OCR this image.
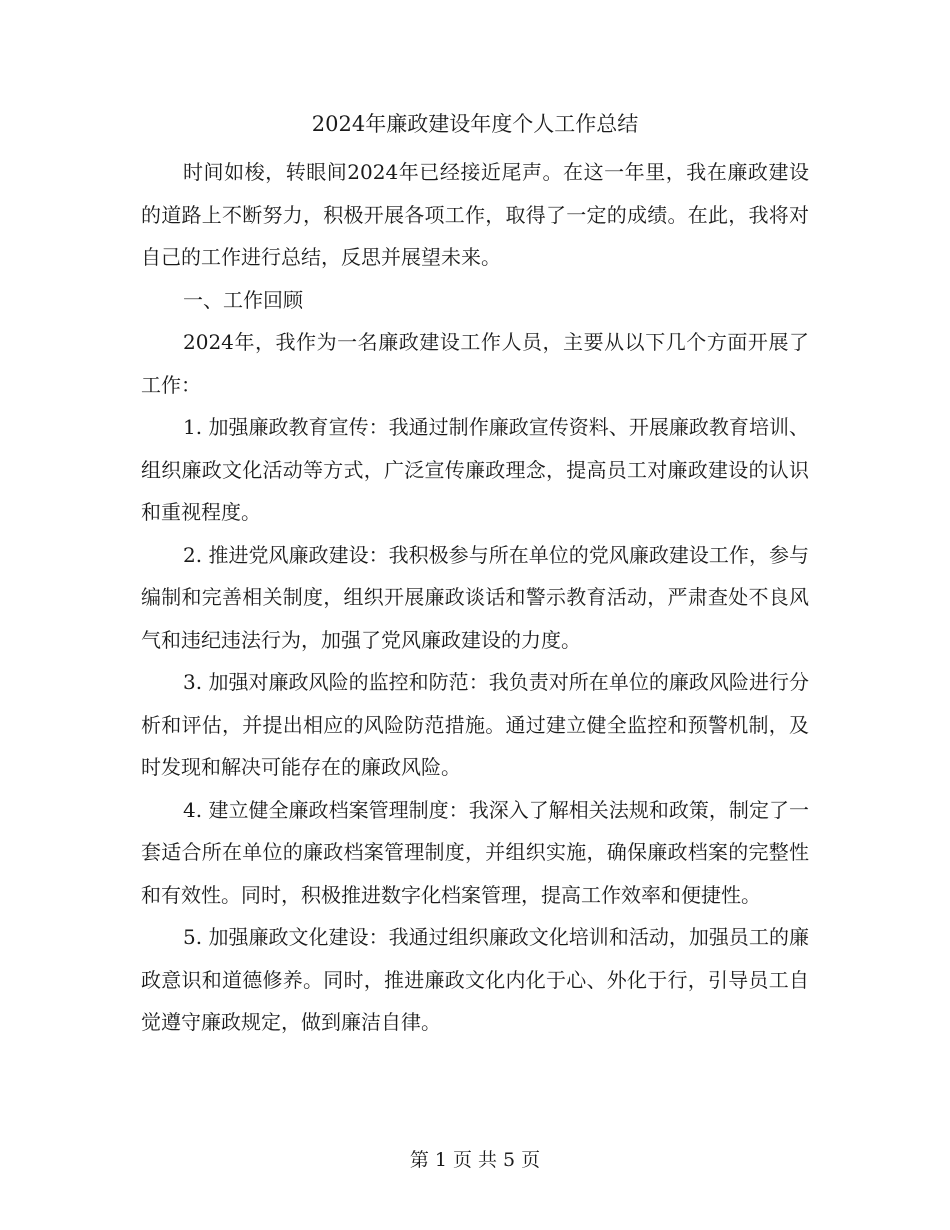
2024年廉政建设年度个人工作总结

时间如梭，转眼间2024年已经接近尾声。在这一年里，我在廉政建设的道路上不断努力，积极开展各项工作，取得了一定的成绩。在此，我将对自己的工作进行总结，反思并展望未来。

一、工作回顾

2024年，我作为一名廉政建设工作人员，主要从以下几个方面开展了工作：

1. 加强廉政教育宣传：我通过制作廉政宣传资料、开展廉政教育培训、组织廉政文化活动等方式，广泛宣传廉政理念，提高员工对廉政建设的认识和重视程度。

2. 推进党风廉政建设：我积极参与所在单位的党风廉政建设工作，参与编制和完善相关制度，组织开展廉政谈话和警示教育活动，严肃查处不良风气和违纪违法行为，加强了党风廉政建设的力度。

3. 加强对廉政风险的监控和防范：我负责对所在单位的廉政风险进行分析和评估，并提出相应的风险防范措施。通过建立健全监控和预警机制，及时发现和解决可能存在的廉政风险。

4. 建立健全廉政档案管理制度：我深入了解相关法规和政策，制定了一套适合所在单位的廉政档案管理制度，并组织实施，确保廉政档案的完整性和有效性。同时，积极推进数字化档案管理，提高工作效率和便捷性。

5. 加强廉政文化建设：我通过组织廉政文化培训和活动，加强员工的廉政意识和道德修养。同时，推进廉政文化内化于心、外化于行，引导员工自觉遵守廉政规定，做到廉洁自律。

第 1 页 共 5 页
